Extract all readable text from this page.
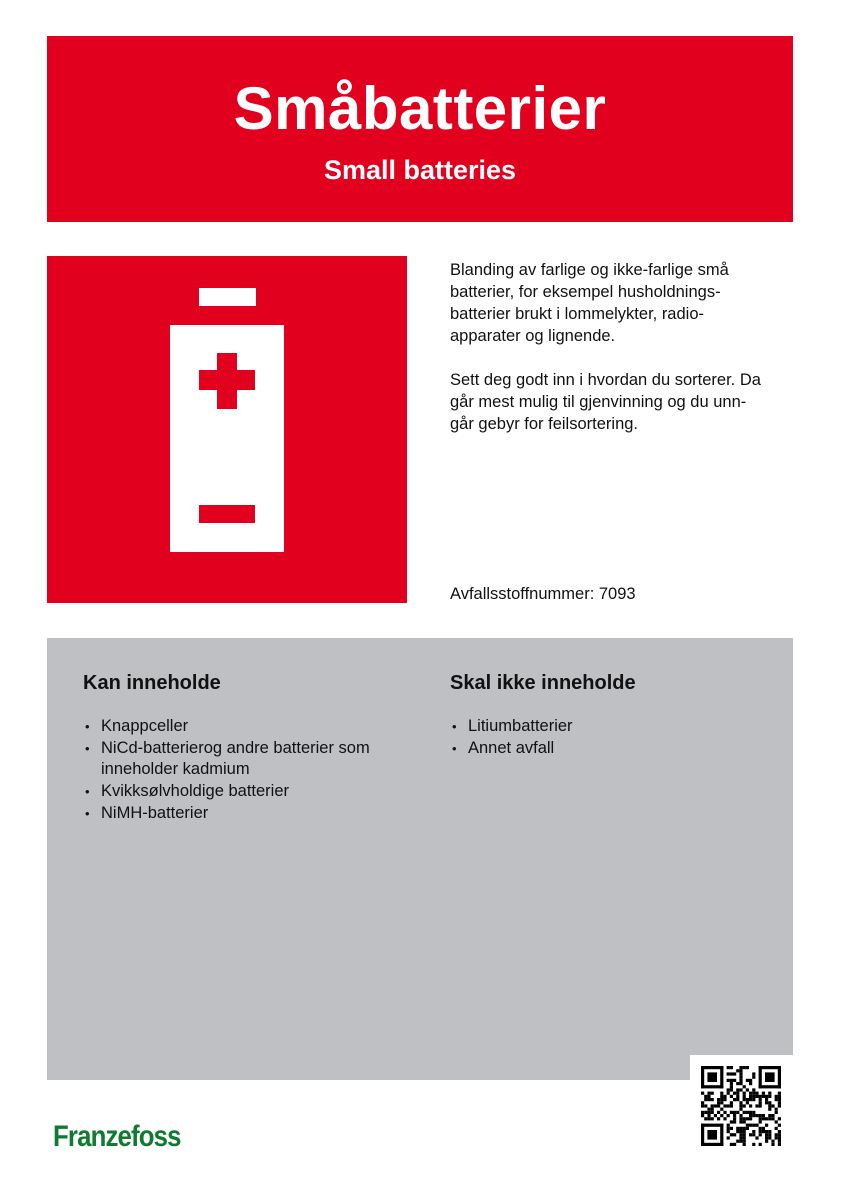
Småbatterier
Small batteries

Blanding av farlige og ikke-farlige små
batterier, for eksempel husholdnings-
batterier brukt i lommelykter, radio-
apparater og lignende.

Sett deg godt inn i hvordan du sorterer. Da
går mest mulig til gjenvinning og du unn-
går gebyr for feilsortering.

Avfallsstoffnummer: 7093
Kan inneholde
• Knappceller
• NiCd-batterierog andre batterier som
inneholder kadmium
• Kvikksølvholdige batterier
• NiMH-batterier
Skal ikke inneholde
• Litiumbatterier
• Annet avfall
Franzefoss
